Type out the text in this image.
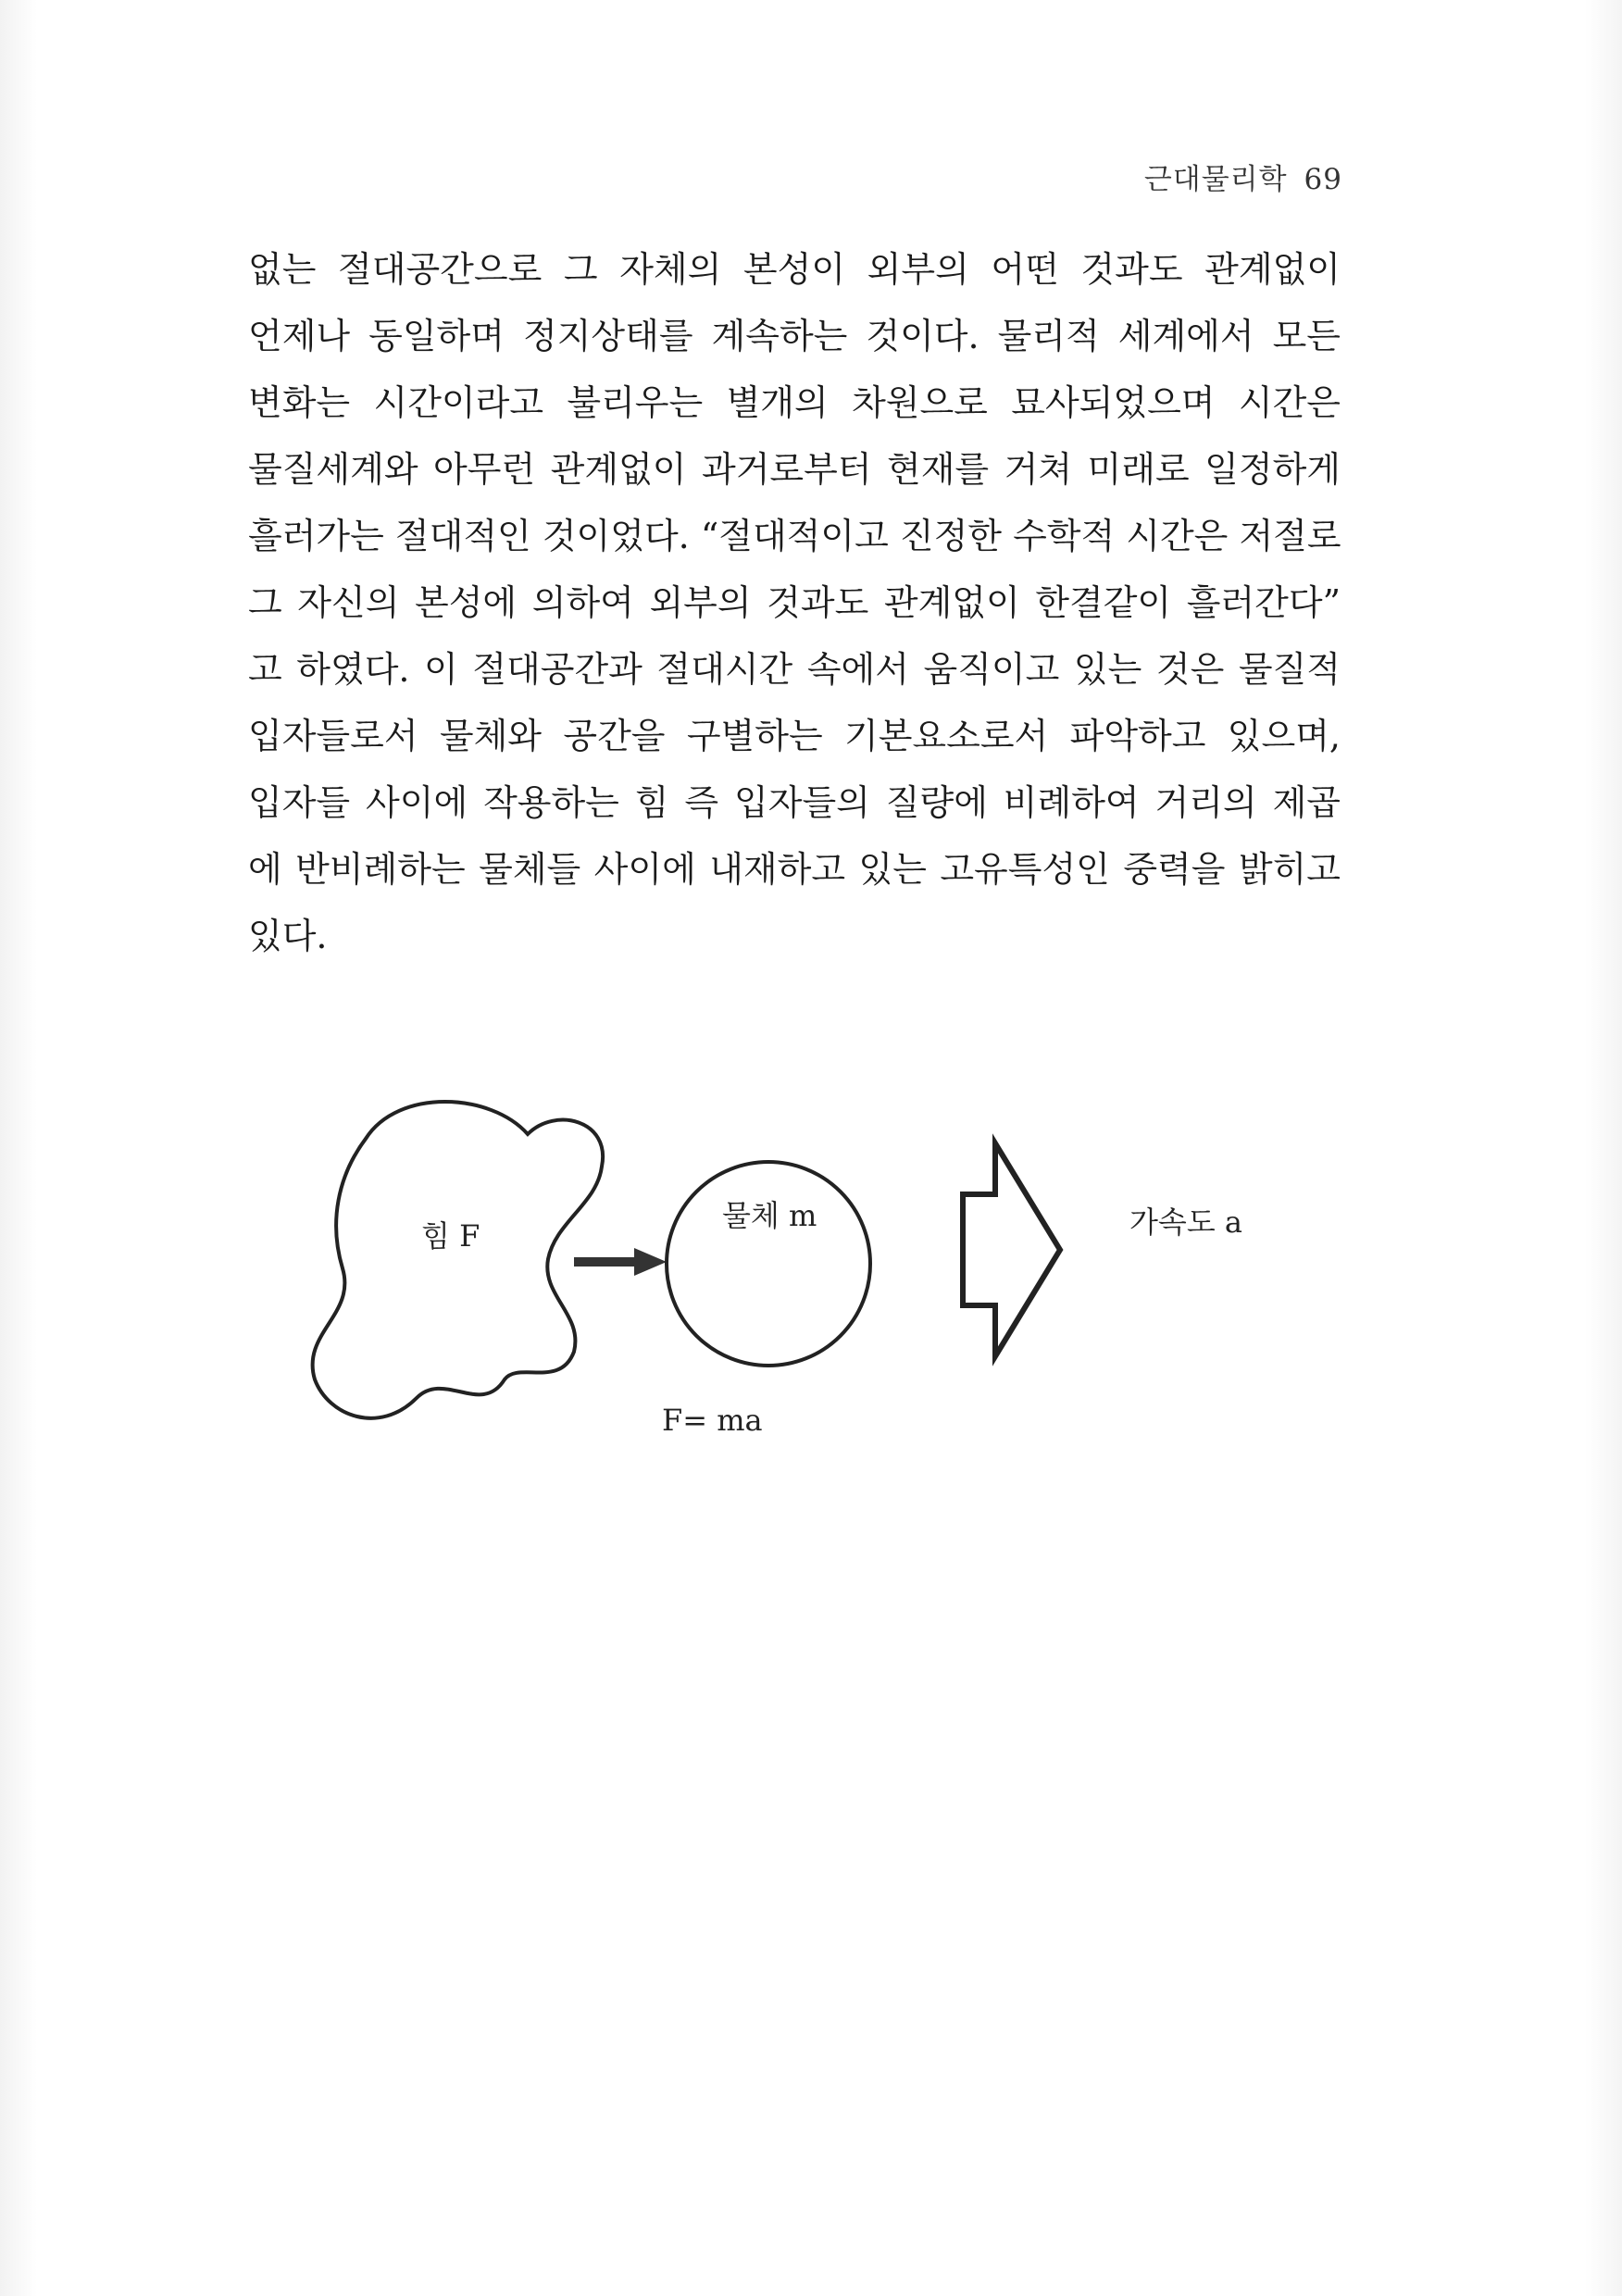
근대물리학 69
없는 절대공간으로 그 자체의 본성이 외부의 어떤 것과도 관계없이
언제나 동일하며 정지상태를 계속하는 것이다. 물리적 세계에서 모든
변화는 시간이라고 불리우는 별개의 차원으로 묘사되었으며 시간은
물질세계와 아무런 관계없이 과거로부터 현재를 거쳐 미래로 일정하게
흘러가는 절대적인 것이었다. “절대적이고 진정한 수학적 시간은 저절로
그 자신의 본성에 의하여 외부의 것과도 관계없이 한결같이 흘러간다”
고 하였다. 이 절대공간과 절대시간 속에서 움직이고 있는 것은 물질적
입자들로서 물체와 공간을 구별하는 기본요소로서 파악하고 있으며,
입자들 사이에 작용하는 힘 즉 입자들의 질량에 비례하여 거리의 제곱
에 반비례하는 물체들 사이에 내재하고 있는 고유특성인 중력을 밝히고
있다.
힘 F
물체 m	가속도 a
F= ma
